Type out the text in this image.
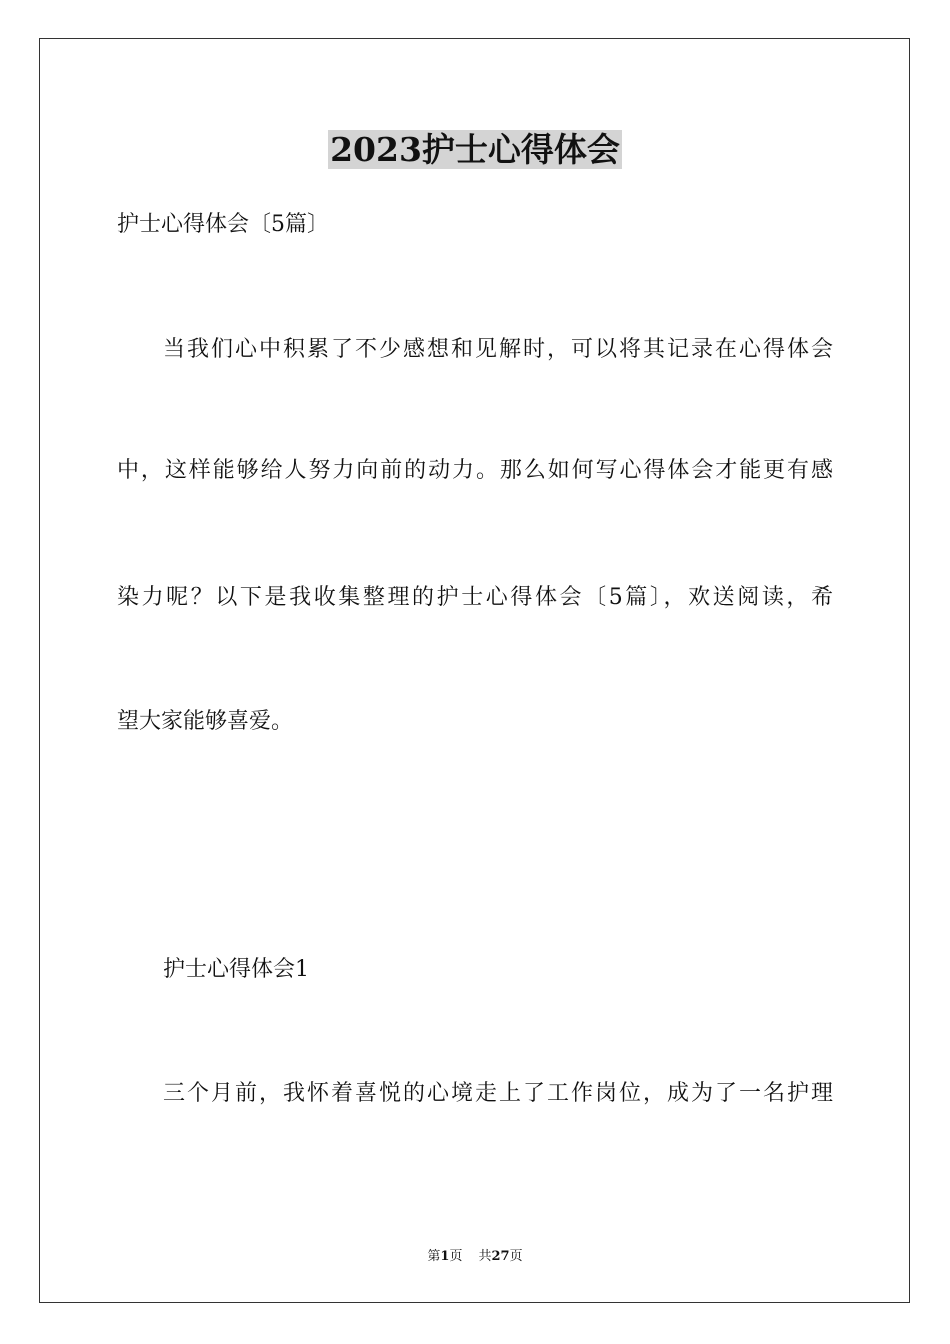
2023护士心得体会
护士心得体会〔5篇〕
当我们心中积累了不少感想和见解时，可以将其记录在心得体会
中，这样能够给人努力向前的动力。那么如何写心得体会才能更有感
染力呢？以下是我收集整理的护士心得体会〔5篇〕，欢送阅读，希
望大家能够喜爱。
护士心得体会1
三个月前，我怀着喜悦的心境走上了工作岗位，成为了一名护理
第1页 共27页
